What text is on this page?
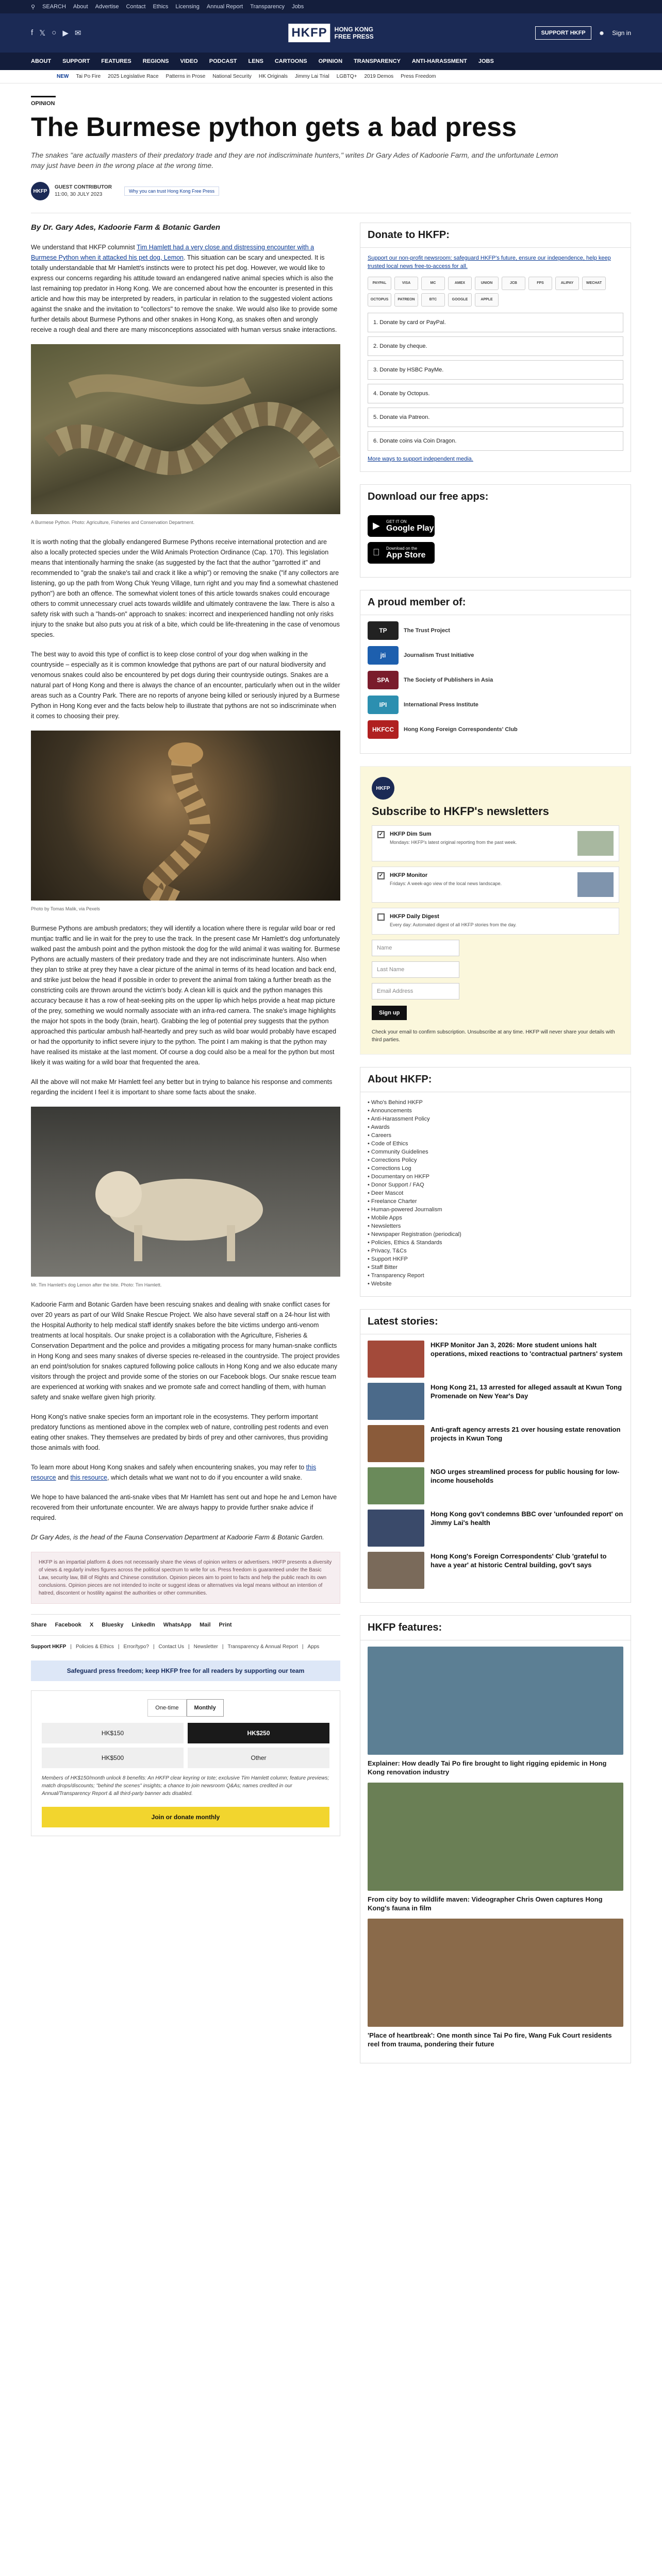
⚲ SEARCH About Advertise Contact Ethics Licensing Annual Report Transparency Jobs
f 𝕏 ○ ▶ ✉	HKFP	HONG KONG
FREE PRESS	SUPPORT HKFP	☻ Sign in
ABOUT SUPPORT FEATURES REGIONS VIDEO PODCAST LENS CARTOONS OPINION TRANSPARENCY ANTI-HARASSMENT JOBS
NEW Tai Po Fire 2025 Legislative Race Patterns in Prose National Security HK Originals Jimmy Lai Trial LGBTQ+ 2019 Demos Press Freedom
OPINION
The Burmese python gets a bad press

The snakes "are actually masters of their predatory trade and they are not indiscriminate hunters," writes Dr Gary Ades of Kadoorie Farm, and the unfortunate Lemon may just have been in the wrong place at the wrong time.

HKFP
GUEST CONTRIBUTOR
11:00, 30 JULY 2023
Why you can trust Hong Kong Free Press

By Dr. Gary Ades, Kadoorie Farm & Botanic Garden

We understand that HKFP columnist Tim Hamlett had a very close and distressing encounter with a Burmese Python when it attacked his pet dog, Lemon. This situation can be scary and unexpected. It is totally understandable that Mr Hamlett's instincts were to protect his pet dog. However, we would like to express our concerns regarding his attitude toward an endangered native animal species which is also the last remaining top predator in Hong Kong. We are concerned about how the encounter is presented in this article and how this may be interpreted by readers, in particular in relation to the suggested violent actions against the snake and the invitation to "collectors" to remove the snake. We would also like to provide some further details about Burmese Pythons and other snakes in Hong Kong, as snakes often and wrongly receive a rough deal and there are many misconceptions associated with human versus snake interactions.

A Burmese Python. Photo: Agriculture, Fisheries and Conservation Department.

It is worth noting that the globally endangered Burmese Pythons receive international protection and are also a locally protected species under the Wild Animals Protection Ordinance (Cap. 170). This legislation means that intentionally harming the snake (as suggested by the fact that the author "garrotted it" and recommended to "grab the snake's tail and crack it like a whip") or removing the snake ("if any collectors are listening, go up the path from Wong Chuk Yeung Village, turn right and you may find a somewhat chastened python") are both an offence. The somewhat violent tones of this article towards snakes could encourage others to commit unnecessary cruel acts towards wildlife and ultimately contravene the law. There is also a safety risk with such a "hands-on" approach to snakes: incorrect and inexperienced handling not only risks injury to the snake but also puts you at risk of a bite, which could be life-threatening in the case of venomous species.

The best way to avoid this type of conflict is to keep close control of your dog when walking in the countryside – especially as it is common knowledge that pythons are part of our natural biodiversity and venomous snakes could also be encountered by pet dogs during their countryside outings. Snakes are a natural part of Hong Kong and there is always the chance of an encounter, particularly when out in the wilder areas such as a Country Park. There are no reports of anyone being killed or seriously injured by a Burmese Python in Hong Kong ever and the facts below help to illustrate that pythons are not so indiscriminate when it comes to choosing their prey.

Photo by Tomas Malik, via Pexels

Burmese Pythons are ambush predators; they will identify a location where there is regular wild boar or red muntjac traffic and lie in wait for the prey to use the track. In the present case Mr Hamlett's dog unfortunately walked past the ambush point and the python mistook the dog for the wild animal it was waiting for. Burmese Pythons are actually masters of their predatory trade and they are not indiscriminate hunters. Also when they plan to strike at prey they have a clear picture of the animal in terms of its head location and back end, and strike just below the head if possible in order to prevent the animal from taking a further breath as the constricting coils are thrown around the victim's body. A clean kill is quick and the python manages this accuracy because it has a row of heat-seeking pits on the upper lip which helps provide a heat map picture of the prey, something we would normally associate with an infra-red camera. The snake's image highlights the major hot spots in the body (brain, heart). Grabbing the leg of potential prey suggests that the python approached this particular ambush half-heartedly and prey such as wild boar would probably have escaped or had the opportunity to inflict severe injury to the python. The point I am making is that the python may have realised its mistake at the last moment. Of course a dog could also be a meal for the python but most likely it was waiting for a wild boar that frequented the area.

All the above will not make Mr Hamlett feel any better but in trying to balance his response and comments regarding the incident I feel it is important to share some facts about the snake.

Mr. Tim Hamlett's dog Lemon after the bite. Photo: Tim Hamlett.

Kadoorie Farm and Botanic Garden have been rescuing snakes and dealing with snake conflict cases for over 20 years as part of our Wild Snake Rescue Project. We also have several staff on a 24-hour list with the Hospital Authority to help medical staff identify snakes before the bite victims undergo anti-venom treatments at local hospitals. Our snake project is a collaboration with the Agriculture, Fisheries & Conservation Department and the police and provides a mitigating process for many human-snake conflicts in Hong Kong and sees many snakes of diverse species re-released in the countryside. The project provides an end point/solution for snakes captured following police callouts in Hong Kong and we also educate many visitors through the project and provide some of the stories on our Facebook blogs. Our snake rescue team are experienced at working with snakes and we promote safe and correct handling of them, with human safety and snake welfare given high priority.

Hong Kong's native snake species form an important role in the ecosystems. They perform important predatory functions as mentioned above in the complex web of nature, controlling pest rodents and even eating other snakes. They themselves are predated by birds of prey and other carnivores, thus providing those animals with food.

To learn more about Hong Kong snakes and safely when encountering snakes, you may refer to this resource and this resource, which details what we want not to do if you encounter a wild snake.

We hope to have balanced the anti-snake vibes that Mr Hamlett has sent out and hope he and Lemon have recovered from their unfortunate encounter. We are always happy to provide further snake advice if required.

Dr Gary Ades, is the head of the Fauna Conservation Department at Kadoorie Farm & Botanic Garden.

HKFP is an impartial platform & does not necessarily share the views of opinion writers or advertisers. HKFP presents a diversity of views & regularly invites figures across the political spectrum to write for us. Press freedom is guaranteed under the Basic Law, security law, Bill of Rights and Chinese constitution. Opinion pieces aim to point to facts and help the public reach its own conclusions. Opinion pieces are not intended to incite or suggest ideas or alternatives via legal means without an intention of hatred, discontent or hostility against the authorities or other communities.
Share Facebook X Bluesky LinkedIn WhatsApp Mail Print
Support HKFP | Policies & Ethics | Error/typo? | Contact Us | Newsletter | Transparency & Annual Report | Apps
Safeguard press freedom; keep HKFP free for all readers by supporting our team
One-time	Monthly
HK$150	HK$250
HK$500	Other

Members of HK$150/month unlock 8 benefits: An HKFP clear keyring or tote; exclusive Tim Hamlett column; feature previews; match drops/discounts; "behind the scenes" insights; a chance to join newsroom Q&As; names credited in our Annual/Transparency Report & all third-party banner ads disabled.

Join or donate monthly
Donate to HKFP:
Support our non-profit newsroom: safeguard HKFP's future, ensure our independence, help keep trusted local news free-to-access for all.
PAYPAL	VISA	MC	AMEX	UNION	JCB	FPS	ALIPAY	WECHAT
OCTOPUS	PATREON	BTC	GOOGLE	APPLE
1. Donate by card or PayPal.
2. Donate by cheque.
3. Donate by HSBC PayMe.
4. Donate by Octopus.
5. Donate via Patreon.
6. Donate coins via Coin Dragon.
More ways to support independent media.
Download our free apps:
▶ GET IT ON
Google Play
Download on the
App Store
A proud member of:
TP	The Trust Project
jti	Journalism Trust Initiative
SPA	The Society of Publishers in Asia
IPI	International Press Institute
HKFCC	Hong Kong Foreign Correspondents' Club
HKFP
Subscribe to HKFP's newsletters
✓ HKFP Dim Sum
Mondays: HKFP's latest original reporting from the past week.
✓ HKFP Monitor
Fridays: A week-ago view of the local news landscape.
HKFP Daily Digest
Every day: Automated digest of all HKFP stories from the day.
Name
Last Name
Email Address
Sign up

Check your email to confirm subscription. Unsubscribe at any time. HKFP will never share your details with third parties.

About HKFP:
• Who's Behind HKFP
• Announcements
• Anti-Harassment Policy
• Awards
• Careers
• Code of Ethics
• Community Guidelines
• Corrections Policy
• Corrections Log
• Documentary on HKFP
• Donor Support / FAQ
• Deer Mascot
• Freelance Charter
• Human-powered Journalism
• Mobile Apps
• Newsletters
• Newspaper Registration (periodical)
• Policies, Ethics & Standards
• Privacy, T&Cs
• Support HKFP
• Staff Bitter
• Transparency Report
• Website
Latest stories:
HKFP Monitor Jan 3, 2026: More student unions halt operations, mixed reactions to 'contractual partners' system
Hong Kong 21, 13 arrested for alleged assault at Kwun Tong Promenade on New Year's Day
Anti-graft agency arrests 21 over housing estate renovation projects in Kwun Tong
NGO urges streamlined process for public housing for low-income households
Hong Kong gov't condemns BBC over 'unfounded report' on Jimmy Lai's health
Hong Kong's Foreign Correspondents' Club 'grateful to have a year' at historic Central building, gov't says
HKFP features:
Explainer: How deadly Tai Po fire brought to light rigging epidemic in Hong Kong renovation industry
From city boy to wildlife maven: Videographer Chris Owen captures Hong Kong's fauna in film
'Place of heartbreak': One month since Tai Po fire, Wang Fuk Court residents reel from trauma, pondering their future
